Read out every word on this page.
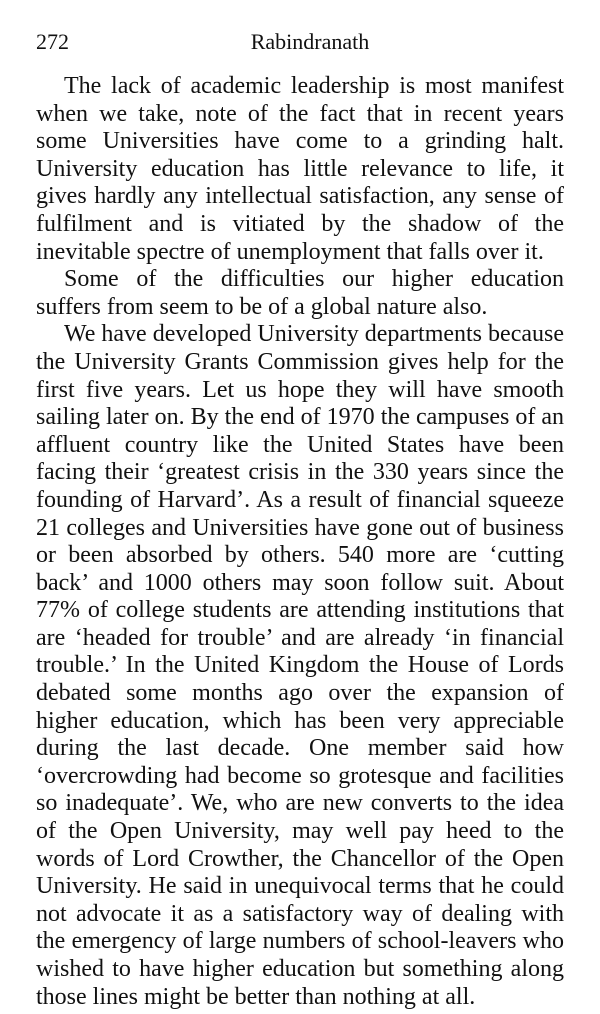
272	Rabindranath

The lack of academic leadership is most manifest when we take, note of the fact that in recent years some Universities have come to a grinding halt. University education has little relevance to life, it gives hardly any intellectual satisfaction, any sense of fulfilment and is vitiated by the shadow of the inevitable spectre of unemployment that falls over it.

Some of the difficulties our higher education suffers from seem to be of a global nature also.

We have developed University departments because the University Grants Commission gives help for the first five years. Let us hope they will have smooth sailing later on. By the end of 1970 the campuses of an affluent country like the United States have been facing their ‘greatest crisis in the 330 years since the founding of Harvard’. As a result of financial squeeze 21 colleges and Universities have gone out of business or been absorbed by others. 540 more are ‘cutting back’ and 1000 others may soon follow suit. About 77% of college students are attending institutions that are ‘headed for trouble’ and are already ‘in financial trouble.’ In the United Kingdom the House of Lords debated some months ago over the expansion of higher education, which has been very appreciable during the last decade. One member said how ‘overcrowding had become so grotesque and facilities so inadequate’. We, who are new converts to the idea of the Open University, may well pay heed to the words of Lord Crowther, the Chancellor of the Open University. He said in unequivocal terms that he could not advocate it as a satisfactory way of dealing with the emergency of large numbers of school-leavers who wished to have higher education but something along those lines might be better than nothing at all.
